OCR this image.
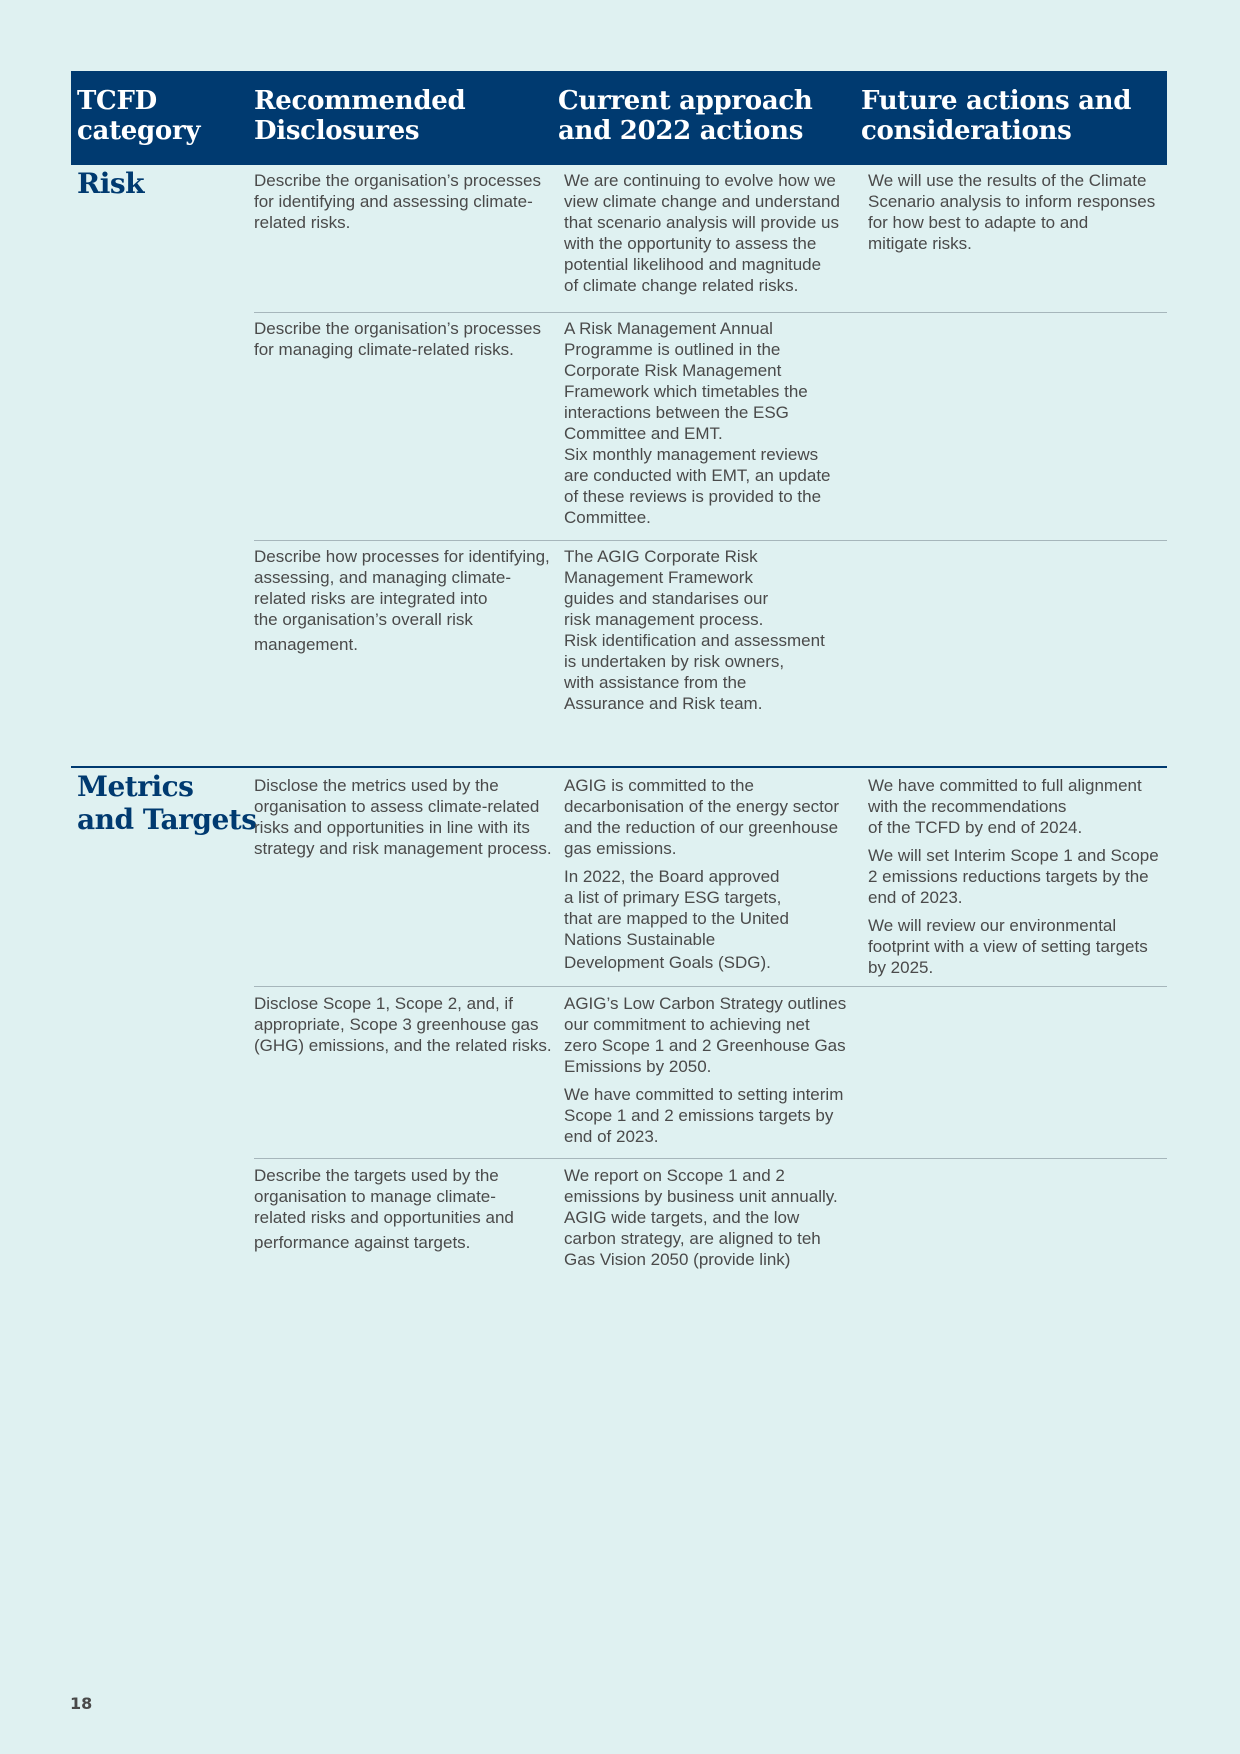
TCFD
category
Recommended
Disclosures
Current approach
and 2022 actions
Future actions and
considerations
Risk	Describe the organisation’s processes
for identifying and assessing climate-
related risks.
We are continuing to evolve how we
view climate change and understand
that scenario analysis will provide us
with the opportunity to assess the
potential likelihood and magnitude
of climate change related risks.
We will use the results of the Climate
Scenario analysis to inform responses
for how best to adapte to and
mitigate risks.
Describe the organisation’s processes
for managing climate-related risks.
A Risk Management Annual
Programme is outlined in the
Corporate Risk Management
Framework which timetables the
interactions between the ESG
Committee and EMT.
Six monthly management reviews
are conducted with EMT, an update
of these reviews is provided to the
Committee.
Describe how processes for identifying,
assessing, and managing climate-
related risks are integrated into
the organisation’s overall risk
management.
The AGIG Corporate Risk
Management Framework
guides and standarises our
risk management process.
Risk identification and assessment
is undertaken by risk owners,
with assistance from the
Assurance and Risk team.
Metrics
and Targets
Disclose the metrics used by the
organisation to assess climate-related
risks and opportunities in line with its
strategy and risk management process.
AGIG is committed to the
decarbonisation of the energy sector
and the reduction of our greenhouse
gas emissions.
In 2022, the Board approved
a list of primary ESG targets,
that are mapped to the United
Nations Sustainable
Development Goals (SDG).
We have committed to full alignment
with the recommendations
of the TCFD by end of 2024.
We will set Interim Scope 1 and Scope
2 emissions reductions targets by the
end of 2023.
We will review our environmental
footprint with a view of setting targets
by 2025.
Disclose Scope 1, Scope 2, and, if
appropriate, Scope 3 greenhouse gas
(GHG) emissions, and the related risks.
AGIG’s Low Carbon Strategy outlines
our commitment to achieving net
zero Scope 1 and 2 Greenhouse Gas
Emissions by 2050.
We have committed to setting interim
Scope 1 and 2 emissions targets by
end of 2023.
Describe the targets used by the
organisation to manage climate-
related risks and opportunities and
performance against targets.
We report on Sccope 1 and 2
emissions by business unit annually.
AGIG wide targets, and the low
carbon strategy, are aligned to teh
Gas Vision 2050 (provide link)
18
